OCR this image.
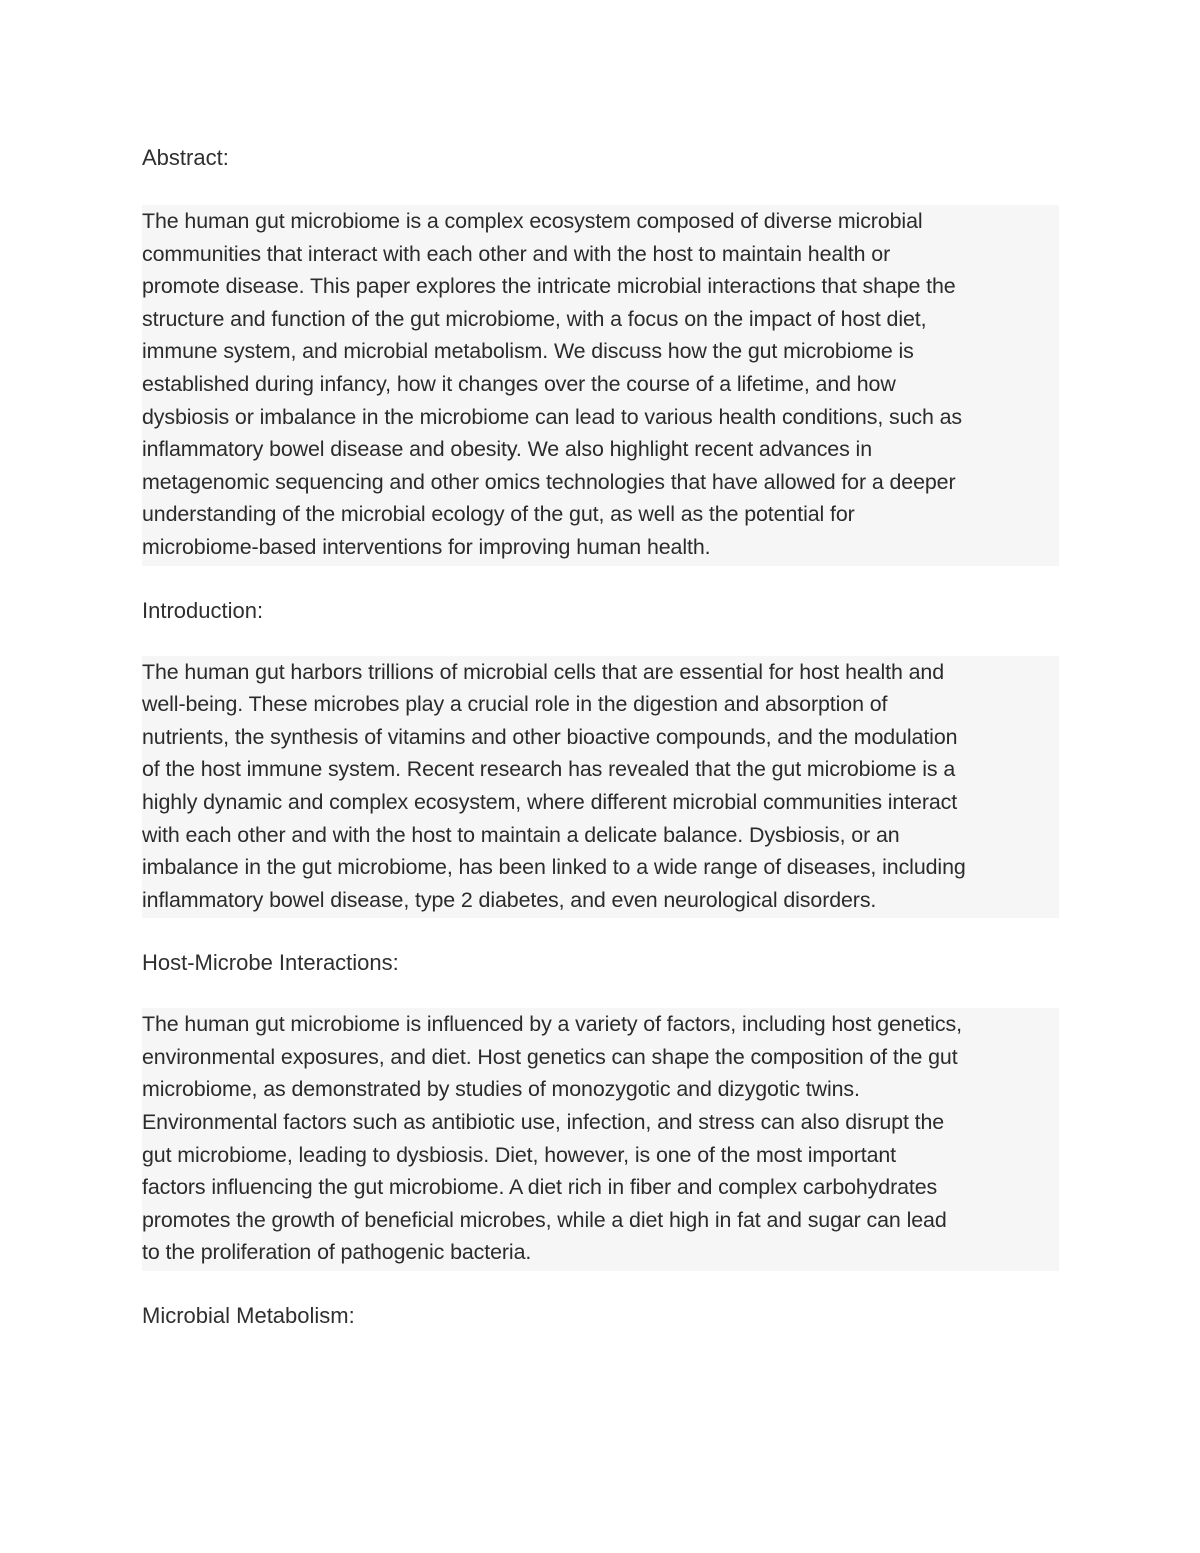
Abstract:
The human gut microbiome is a complex ecosystem composed of diverse microbial
communities that interact with each other and with the host to maintain health or
promote disease. This paper explores the intricate microbial interactions that shape the
structure and function of the gut microbiome, with a focus on the impact of host diet,
immune system, and microbial metabolism. We discuss how the gut microbiome is
established during infancy, how it changes over the course of a lifetime, and how
dysbiosis or imbalance in the microbiome can lead to various health conditions, such as
inflammatory bowel disease and obesity. We also highlight recent advances in
metagenomic sequencing and other omics technologies that have allowed for a deeper
understanding of the microbial ecology of the gut, as well as the potential for
microbiome-based interventions for improving human health.
Introduction:
The human gut harbors trillions of microbial cells that are essential for host health and
well-being. These microbes play a crucial role in the digestion and absorption of
nutrients, the synthesis of vitamins and other bioactive compounds, and the modulation
of the host immune system. Recent research has revealed that the gut microbiome is a
highly dynamic and complex ecosystem, where different microbial communities interact
with each other and with the host to maintain a delicate balance. Dysbiosis, or an
imbalance in the gut microbiome, has been linked to a wide range of diseases, including
inflammatory bowel disease, type 2 diabetes, and even neurological disorders.
Host-Microbe Interactions:
The human gut microbiome is influenced by a variety of factors, including host genetics,
environmental exposures, and diet. Host genetics can shape the composition of the gut
microbiome, as demonstrated by studies of monozygotic and dizygotic twins.
Environmental factors such as antibiotic use, infection, and stress can also disrupt the
gut microbiome, leading to dysbiosis. Diet, however, is one of the most important
factors influencing the gut microbiome. A diet rich in fiber and complex carbohydrates
promotes the growth of beneficial microbes, while a diet high in fat and sugar can lead
to the proliferation of pathogenic bacteria.
Microbial Metabolism:
